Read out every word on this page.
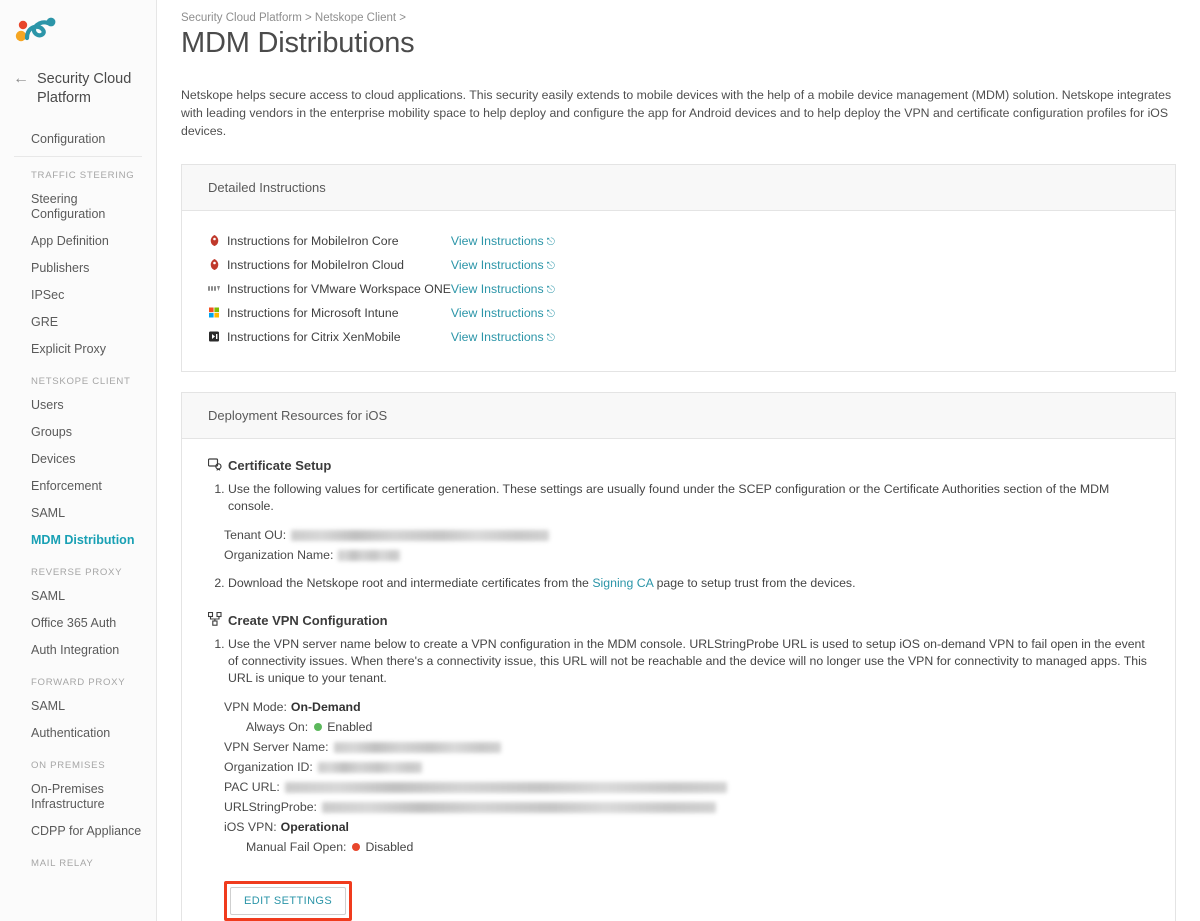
← Security Cloud Platform
Configuration
TRAFFIC STEERING
Steering Configuration
App Definition
Publishers
IPSec
GRE
Explicit Proxy
NETSKOPE CLIENT
Users
Groups
Devices
Enforcement
SAML
MDM Distribution
REVERSE PROXY
SAML
Office 365 Auth
Auth Integration
FORWARD PROXY
SAML
Authentication
ON PREMISES
On-Premises Infrastructure
CDPP for Appliance
MAIL RELAY
Security Cloud Platform > Netskope Client >
MDM Distributions
Netskope helps secure access to cloud applications. This security easily extends to mobile devices with the help of a mobile device management (MDM) solution. Netskope integrates with leading vendors in the enterprise mobility space to help deploy and configure the app for Android devices and to help deploy the VPN and certificate configuration profiles for iOS devices.
Detailed Instructions
Instructions for MobileIron Core	View Instructions ⎋
Instructions for MobileIron Cloud	View Instructions ⎋
Instructions for VMware Workspace ONE	View Instructions ⎋
Instructions for Microsoft Intune	View Instructions ⎋
Instructions for Citrix XenMobile	View Instructions ⎋
Deployment Resources for iOS
Certificate Setup
1. Use the following values for certificate generation. These settings are usually found under the SCEP configuration or the Certificate Authorities section of the MDM console.
Tenant OU:
Organization Name:
2. Download the Netskope root and intermediate certificates from the Signing CA page to setup trust from the devices.
Create VPN Configuration
1. Use the VPN server name below to create a VPN configuration in the MDM console. URLStringProbe URL is used to setup iOS on-demand VPN to fail open in the event of connectivity issues. When there's a connectivity issue, this URL will not be reachable and the device will no longer use the VPN for connectivity to managed apps. This URL is unique to your tenant.
VPN Mode: On-Demand
Always On:	Enabled
VPN Server Name:
Organization ID:
PAC URL:
URLStringProbe:
iOS VPN: Operational
Manual Fail Open:	Disabled
EDIT SETTINGS
